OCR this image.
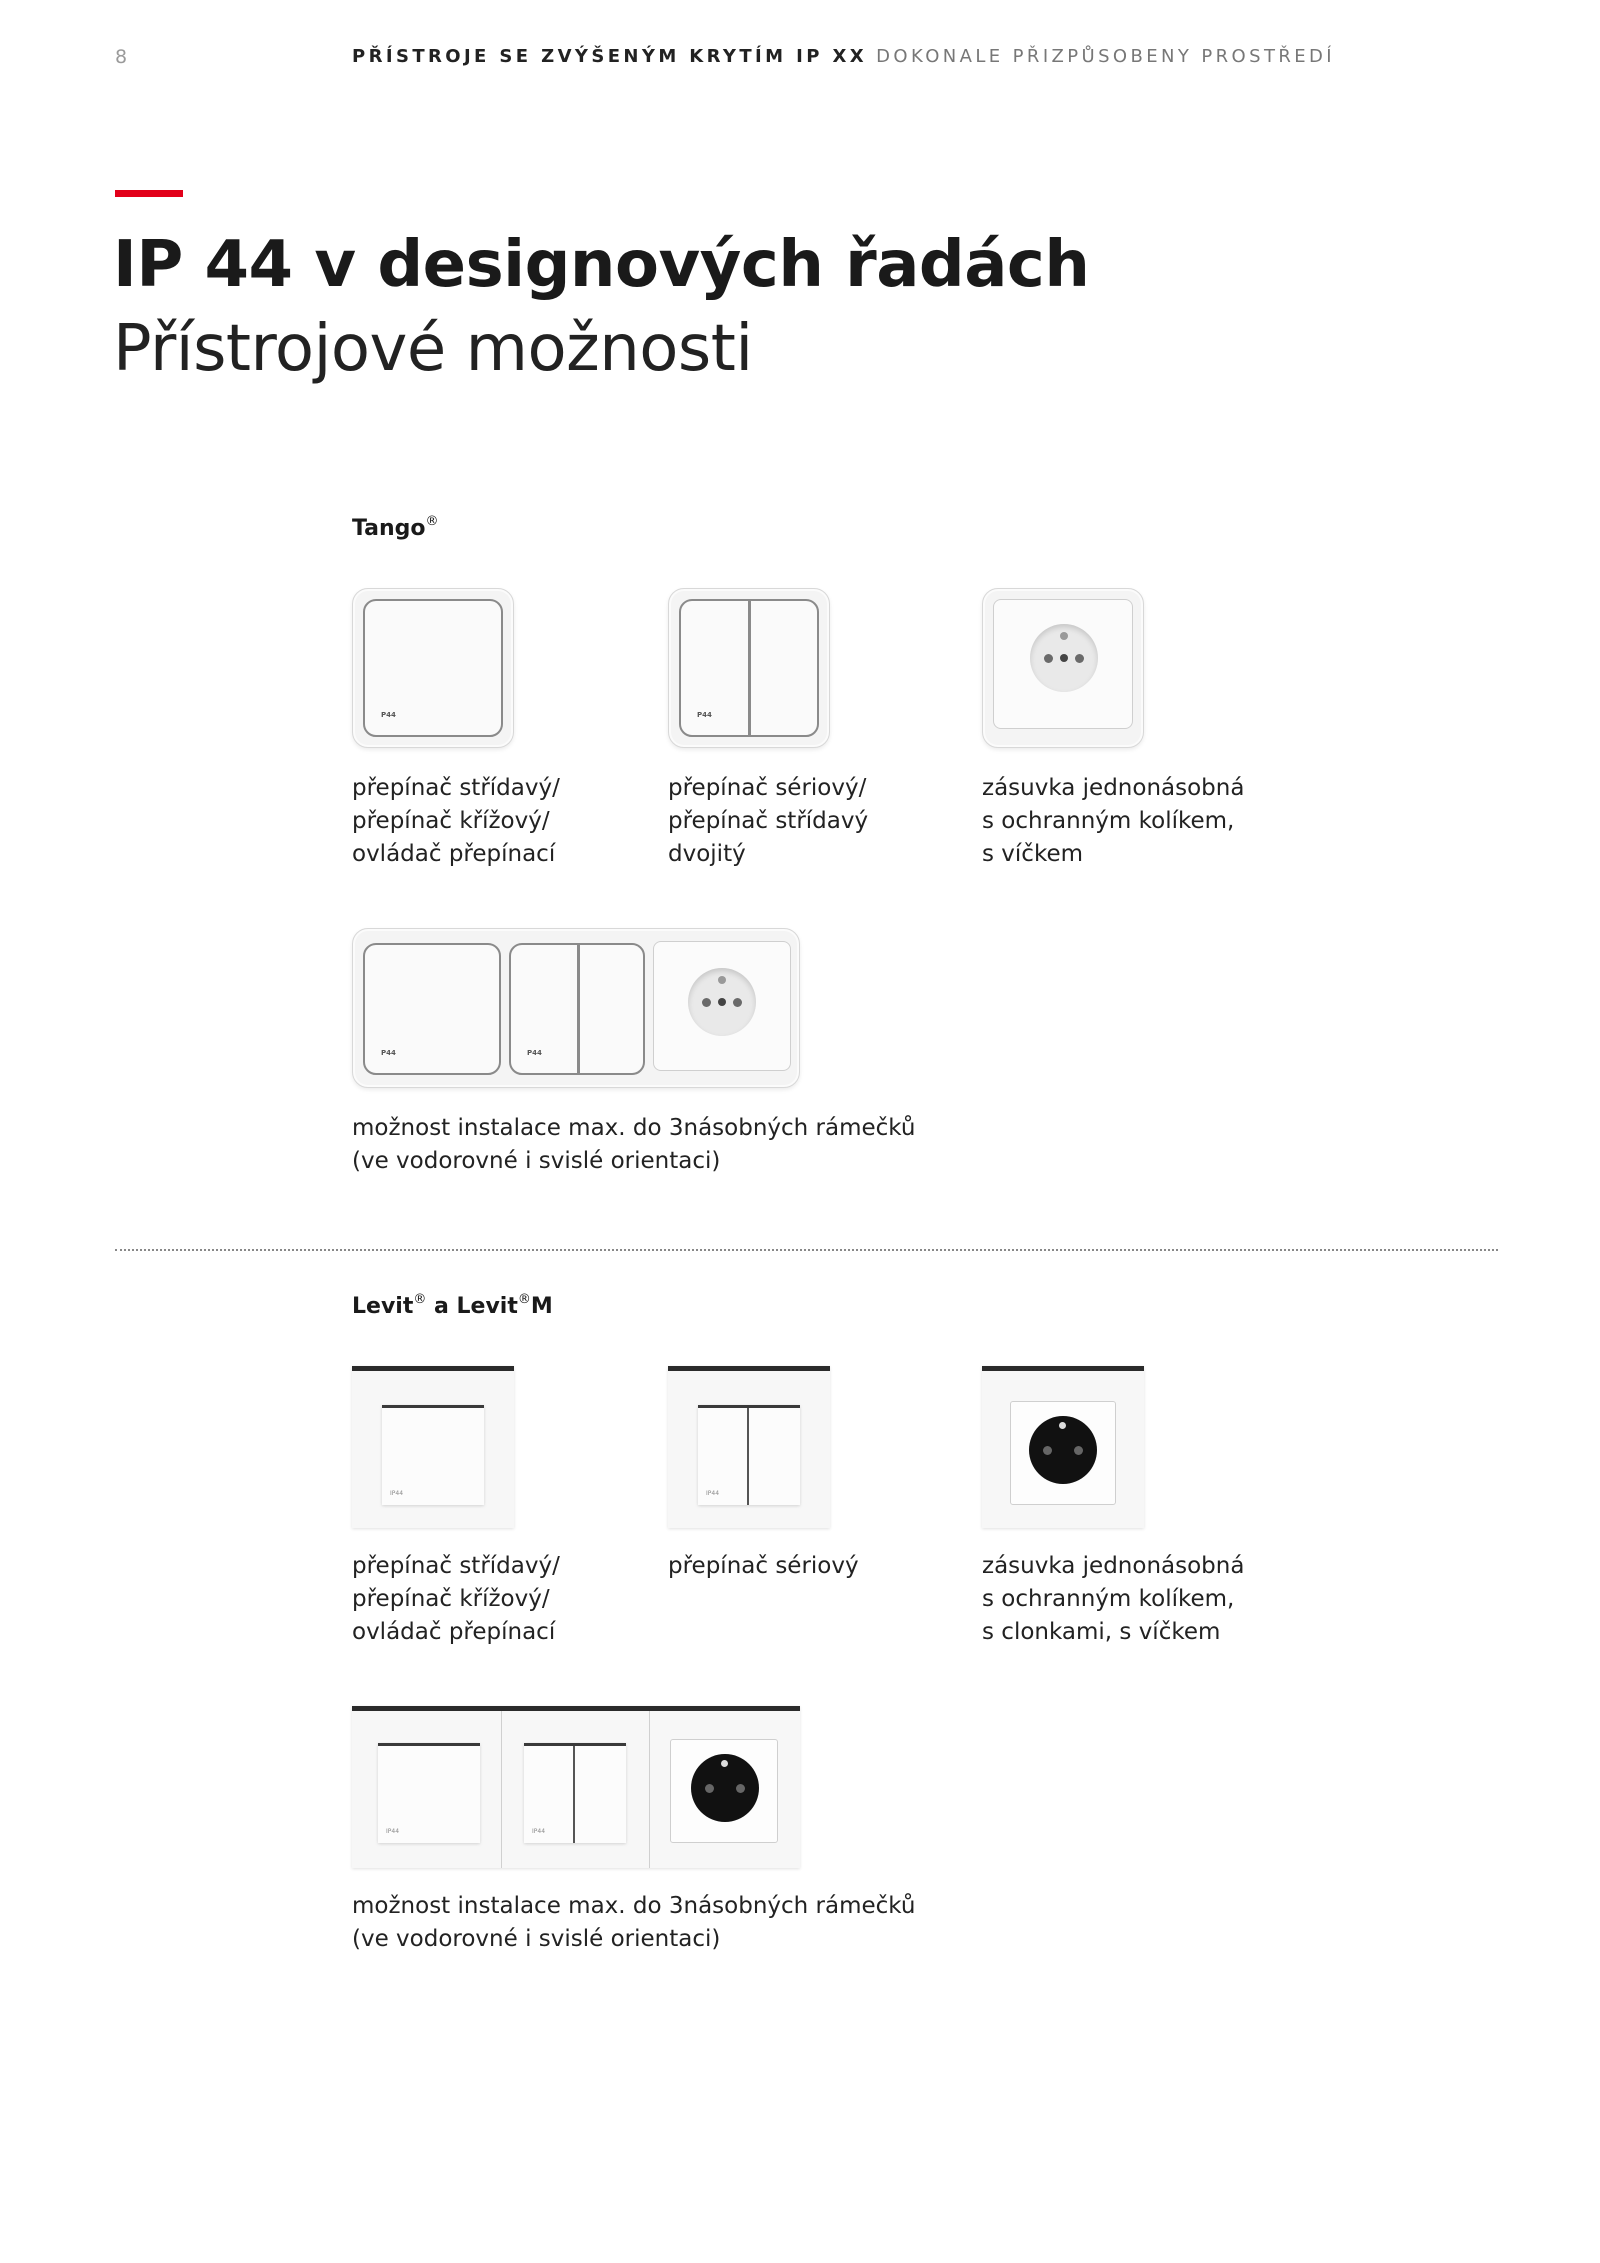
8	PŘÍSTROJE SE ZVÝŠENÝM KRYTÍM IP XX DOKONALE PŘIZPŮSOBENY PROSTŘEDÍ
IP 44 v designových řadách
Přístrojové možnosti
Tango®
P44	P44
přepínač střídavý/
přepínač křížový/
ovládač přepínací
přepínač sériový/
přepínač střídavý
dvojitý
zásuvka jednonásobná
s ochranným kolíkem,
s víčkem
P44	P44
možnost instalace max. do 3násobných rámečků
(ve vodorovné i svislé orientaci)
Levit® a Levit®M
IP44	IP44
přepínač střídavý/
přepínač křížový/
ovládač přepínací
přepínač sériový	zásuvka jednonásobná
s ochranným kolíkem,
s clonkami, s víčkem
IP44	IP44
možnost instalace max. do 3násobných rámečků
(ve vodorovné i svislé orientaci)
